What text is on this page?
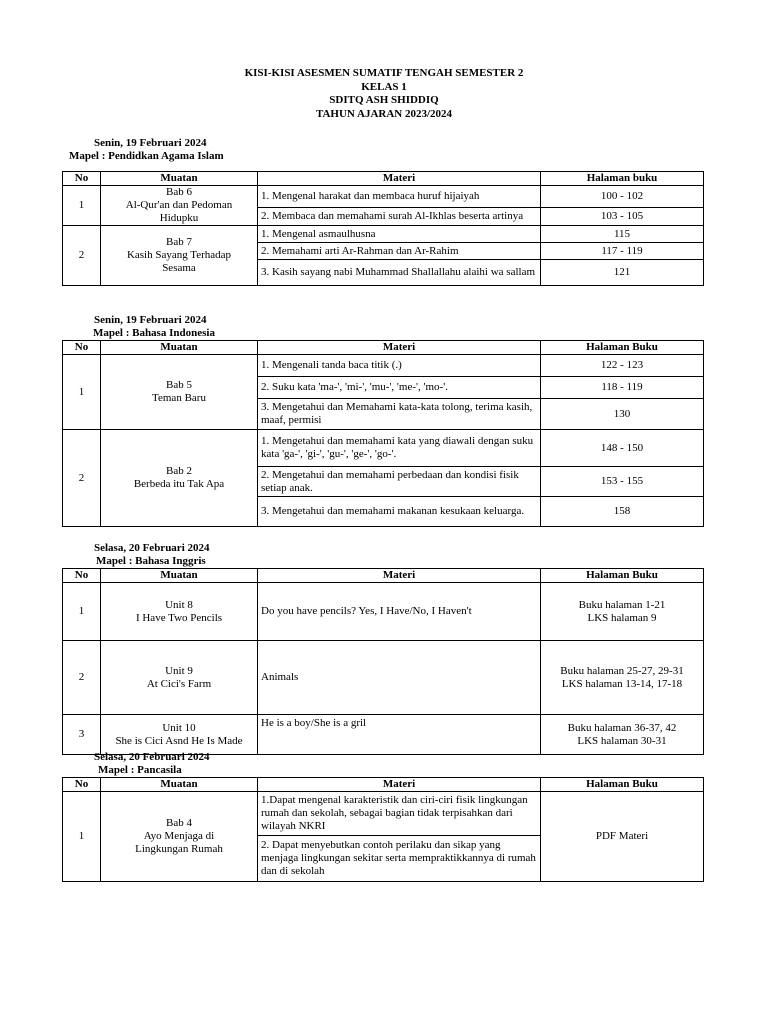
KISI-KISI ASESMEN SUMATIF TENGAH SEMESTER 2
KELAS 1
SDITQ ASH SHIDDIQ
TAHUN AJARAN 2023/2024
Senin, 19 Februari 2024
Mapel : Pendidkan Agama Islam
No	Muatan	Materi	Halaman buku
1	Bab 6
Al-Qur'an dan Pedoman
Hidupku	1. Mengenal harakat dan membaca huruf hijaiyah	100 - 102

		2. Membaca dan memahami surah Al-Ikhlas beserta artinya	103 - 105

2	Bab 7
Kasih Sayang Terhadap
Sesama	1. Mengenal asmaulhusna	115

		2. Memahami arti Ar-Rahman dan Ar-Rahim	117 - 119

		3. Kasih sayang nabi Muhammad Shallallahu alaihi wa sallam	121
Senin, 19 Februari 2024
Mapel : Bahasa Indonesia
No	Muatan	Materi	Halaman Buku
1	Bab 5
Teman Baru	1. Mengenali tanda baca titik (.)	122 - 123

		2. Suku kata 'ma-', 'mi-', 'mu-', 'me-', 'mo-'.	118 - 119

		3. Mengetahui dan Memahami kata-kata tolong, terima kasih, maaf, permisi	130

2	Bab 2
Berbeda itu Tak Apa	1. Mengetahui dan memahami kata yang diawali dengan suku kata 'ga-', 'gi-', 'gu-', 'ge-', 'go-'.	148 - 150

		2. Mengetahui dan memahami perbedaan dan kondisi fisik setiap anak.	153 - 155

		3. Mengetahui dan memahami makanan kesukaan keluarga.	158
Selasa, 20 Februari 2024
Mapel : Bahasa Inggris
No	Muatan	Materi	Halaman Buku
1	Unit 8
I Have Two Pencils	Do you have pencils? Yes, I Have/No, I Haven't	Buku halaman 1-21
LKS halaman 9

2	Unit 9
At Cici's Farm	Animals	Buku halaman 25-27, 29-31
LKS halaman 13-14, 17-18

3	Unit 10
She is Cici Asnd He Is Made	He is a boy/She is a gril	Buku halaman 36-37, 42
LKS halaman 30-31
Selasa, 20 Februari 2024
Mapel : Pancasila
No	Muatan	Materi	Halaman Buku
1	Bab 4
Ayo Menjaga di
Lingkungan Rumah	1.Dapat mengenal karakteristik dan ciri-ciri fisik lingkungan rumah dan sekolah, sebagai bagian tidak terpisahkan dari wilayah NKRI	PDF Materi

		2. Dapat menyebutkan contoh perilaku dan sikap yang menjaga lingkungan sekitar serta mempraktikkannya di rumah dan di sekolah	
